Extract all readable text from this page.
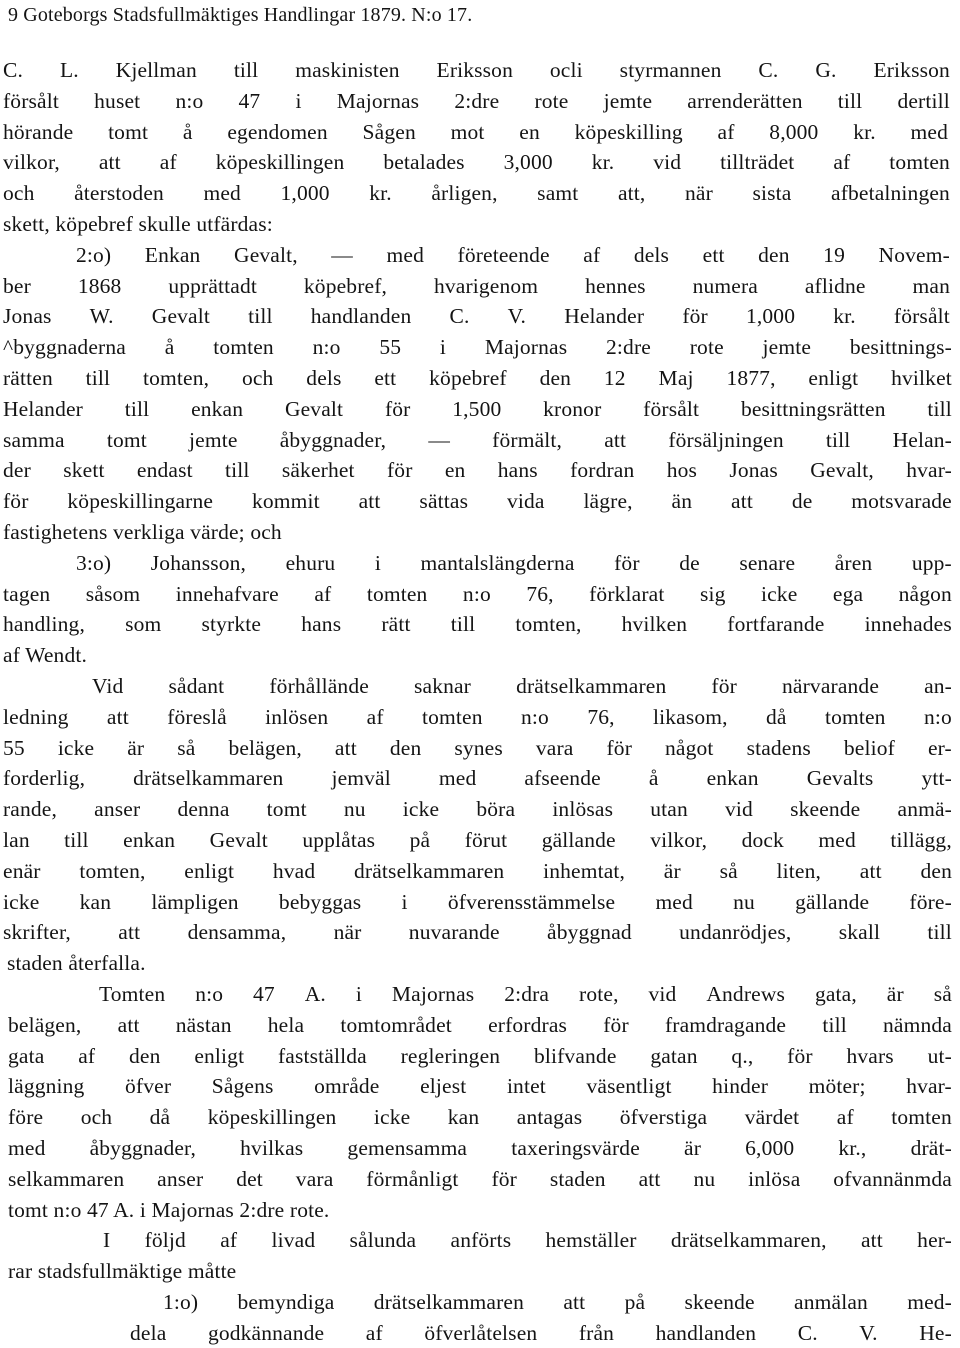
9 Goteborgs Stadsfullmäktiges Handlingar 1879. N:o 17.
C. L. Kjellman till maskinisten Eriksson ocli styrmannen C. G. Eriksson
försålt huset n:o 47 i Majornas 2:dre rote jemte arrenderätten till dertill
hörande tomt å egendomen Sågen mot en köpeskilling af 8,000 kr. med
vilkor, att af köpeskillingen betalades 3,000 kr. vid tillträdet af tomten
och återstoden med 1,000 kr. årligen, samt att, när sista afbetalningen
skett, köpebref skulle utfärdas:
2:o) Enkan Gevalt, — med företeende af dels ett den 19 Novem-
ber 1868 upprättadt köpebref, hvarigenom hennes numera aflidne man
Jonas W. Gevalt till handlanden C. V. Helander för 1,000 kr. försålt
^byggnaderna å tomten n:o 55 i Majornas 2:dre rote jemte besittnings-
rätten till tomten, och dels ett köpebref den 12 Maj 1877, enligt hvilket
Helander till enkan Gevalt för 1,500 kronor försålt besittningsrätten till
samma tomt jemte åbyggnader, — förmält, att försäljningen till Helan-
der skett endast till säkerhet för en hans fordran hos Jonas Gevalt, hvar-
för köpeskillingarne kommit att sättas vida lägre, än att de motsvarade
fastighetens verkliga värde; och
3:o) Johansson, ehuru i mantalslängderna för de senare åren upp-
tagen såsom innehafvare af tomten n:o 76, förklarat sig icke ega någon
handling, som styrkte hans rätt till tomten, hvilken fortfarande innehades
af Wendt.
Vid sådant förhållände saknar drätselkammaren för närvarande an-
ledning att föreslå inlösen af tomten n:o 76, likasom, då tomten n:o
55 icke är så belägen, att den synes vara för något stadens beliof er-
forderlig, drätselkammaren jemväl med afseende å enkan Gevalts ytt-
rande, anser denna tomt nu icke böra inlösas utan vid skeende anmä-
lan till enkan Gevalt upplåtas på förut gällande vilkor, dock med tillägg,
enär tomten, enligt hvad drätselkammaren inhemtat, är så liten, att den
icke kan lämpligen bebyggas i öfverensstämmelse med nu gällande före-
skrifter, att densamma, när nuvarande åbyggnad undanrödjes, skall till
staden återfalla.
Tomten n:o 47 A. i Majornas 2:dra rote, vid Andrews gata, är så
belägen, att nästan hela tomtområdet erfordras för framdragande till nämnda
gata af den enligt fastställda regleringen blifvande gatan q., för hvars ut-
läggning öfver Sågens område eljest intet väsentligt hinder möter; hvar-
före och då köpeskillingen icke kan antagas öfverstiga värdet af tomten
med åbyggnader, hvilkas gemensamma taxeringsvärde är 6,000 kr., drät-
selkammaren anser det vara förmånligt för staden att nu inlösa ofvannänmda
tomt n:o 47 A. i Majornas 2:dre rote.
I följd af livad sålunda anförts hemställer drätselkammaren, att her-
rar stadsfullmäktige måtte
1:o) bemyndiga drätselkammaren att på skeende anmälan med-
dela godkännande af öfverlåtelsen från handlanden C. V. He-
